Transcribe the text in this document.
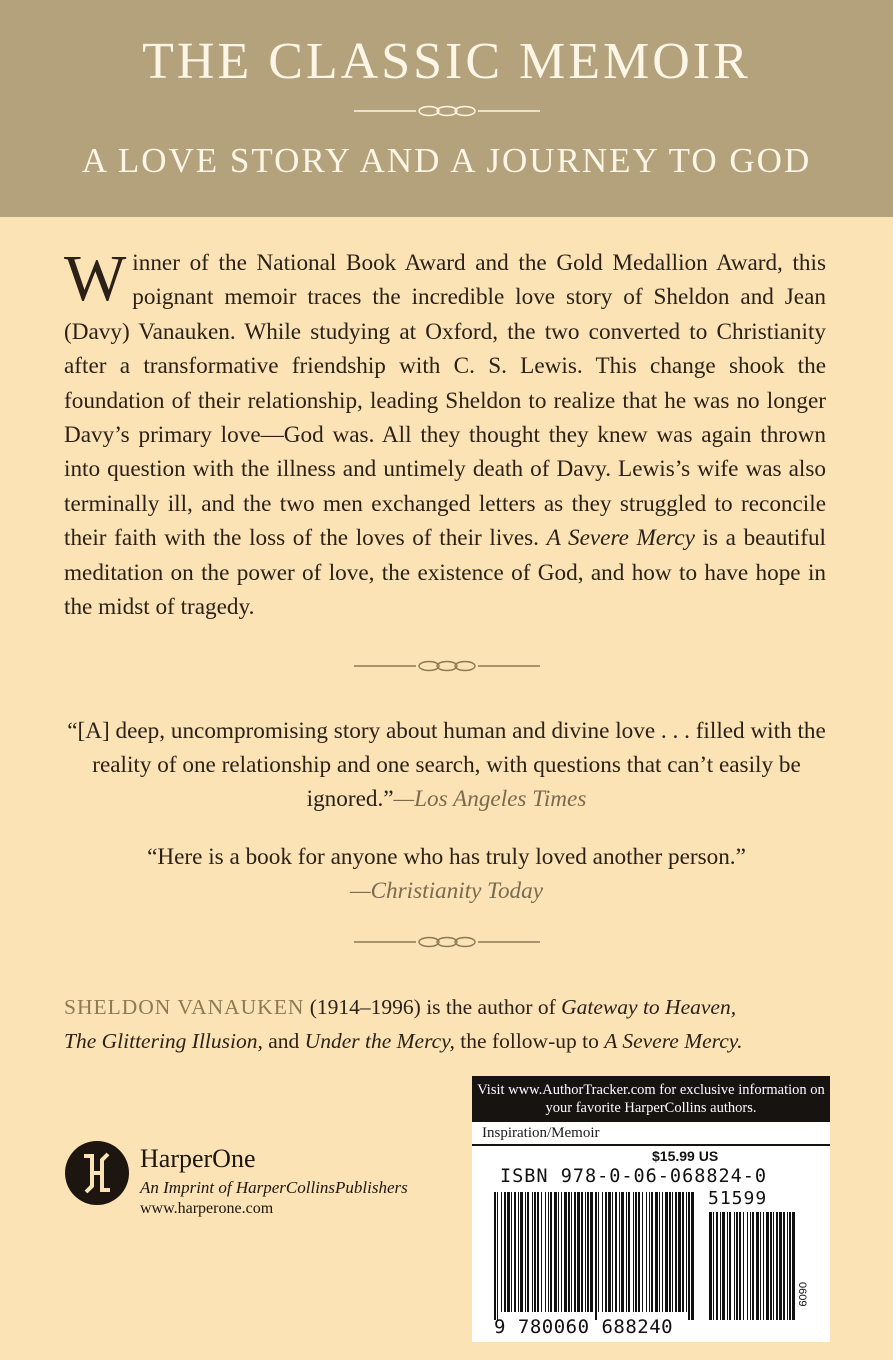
THE CLASSIC MEMOIR
A LOVE STORY AND A JOURNEY TO GOD
Winner of the National Book Award and the Gold Medallion Award, this poignant memoir traces the incredible love story of Sheldon and Jean (Davy) Vanauken. While studying at Oxford, the two converted to Christianity after a transformative friendship with C. S. Lewis. This change shook the foundation of their relationship, leading Sheldon to realize that he was no longer Davy’s primary love—God was. All they thought they knew was again thrown into question with the illness and untimely death of Davy. Lewis’s wife was also terminally ill, and the two men exchanged letters as they struggled to reconcile their faith with the loss of the loves of their lives. A Severe Mercy is a beautiful meditation on the power of love, the existence of God, and how to have hope in the midst of tragedy.
“[A] deep, uncompromising story about human and divine love . . . filled with the reality of one relationship and one search, with questions that can’t easily be ignored.”—Los Angeles Times
“Here is a book for anyone who has truly loved another person.”
—Christianity Today
SHELDON VANAUKEN (1914–1996) is the author of Gateway to Heaven,
The Glittering Illusion, and Under the Mercy, the follow-up to A Severe Mercy.
HarperOne
An Imprint of HarperCollinsPublishers
www.harperone.com
Visit www.AuthorTracker.com for exclusive information on your favorite HarperCollins authors.
Inspiration/Memoir
$15.99 US
ISBN 978-0-06-068824-0
51599
9 780060 688240
0609
